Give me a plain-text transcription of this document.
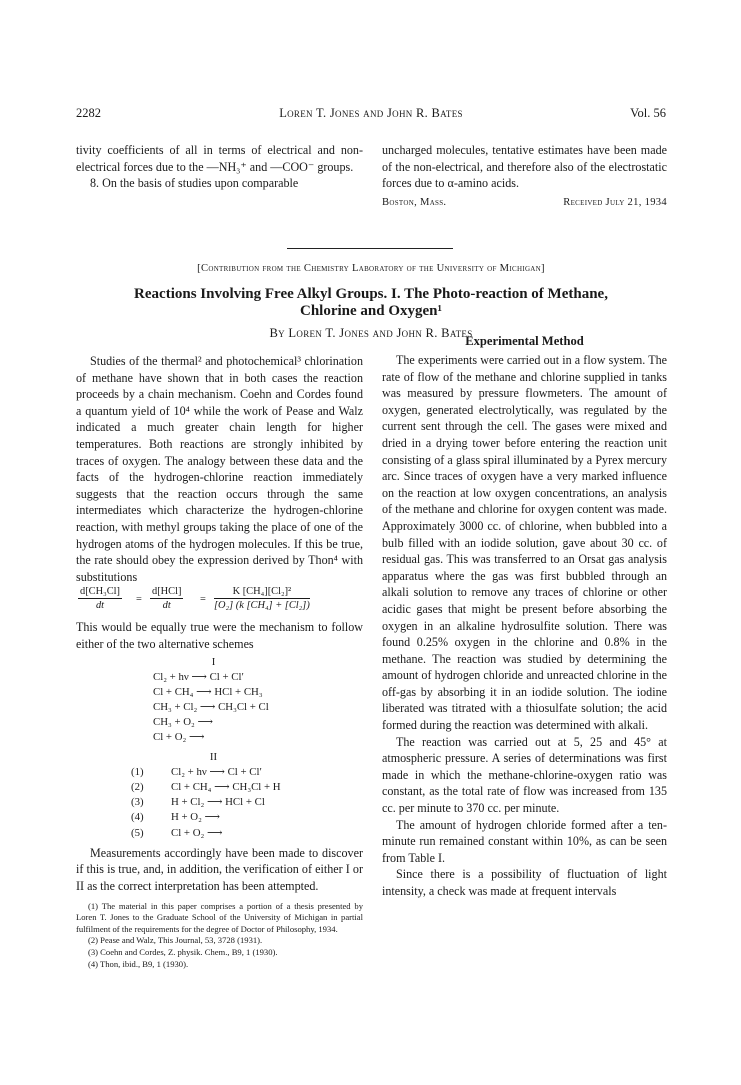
2282	Loren T. Jones and John R. Bates	Vol. 56

tivity coefficients of all in terms of electrical and non-electrical forces due to the —NH₃⁺ and —COO⁻ groups.

8. On the basis of studies upon comparable

uncharged molecules, tentative estimates have been made of the non-electrical, and therefore also of the electrostatic forces due to α-amino acids.

Boston, Mass.	Received July 21, 1934
[Contribution from the Chemistry Laboratory of the University of Michigan]
Reactions Involving Free Alkyl Groups. I. The Photo-reaction of Methane,
Chlorine and Oxygen¹
By Loren T. Jones and John R. Bates

Studies of the thermal² and photochemical³ chlorination of methane have shown that in both cases the reaction proceeds by a chain mechanism. Coehn and Cordes found a quantum yield of 10⁴ while the work of Pease and Walz indicated a much greater chain length for higher temperatures. Both reactions are strongly inhibited by traces of oxygen. The analogy between these data and the facts of the hydrogen-chlorine reaction immediately suggests that the reaction occurs through the same intermediates which characterize the hydrogen-chlorine reaction, with methyl groups taking the place of one of the hydrogen atoms of the hydrogen molecules. If this be true, the rate should obey the expression derived by Thon⁴ with substitutions

$\frac{\text{d[CH₃Cl]}}{dt}$ =
d[HCl]
dt
= $\frac{\text{K [CH₄][Cl₂]²}}{\text{[O₂] (k [CH₄] + [Cl₂])}}$

This would be equally true were the mechanism to follow either of the two alternative schemes

I
Cl₂ + hν ⟶ Cl + Cl′
Cl + CH₄ ⟶ HCl + CH₃
CH₃ + Cl₂ ⟶ CH₃Cl + Cl
CH₃ + O₂ ⟶
Cl + O₂ ⟶
II
(1)	Cl₂ + hν ⟶ Cl + Cl′
(2)	Cl + CH₄ ⟶ CH₃Cl + H
(3)	H + Cl₂ ⟶ HCl + Cl
(4)	H + O₂ ⟶
(5)	Cl + O₂ ⟶

Measurements accordingly have been made to discover if this is true, and, in addition, the verification of either I or II as the correct interpretation has been attempted.

(1) The material in this paper comprises a portion of a thesis presented by Loren T. Jones to the Graduate School of the University of Michigan in partial fulfilment of the requirements for the degree of Doctor of Philosophy, 1934.

(2) Pease and Walz, This Journal, 53, 3728 (1931).

(3) Coehn and Cordes, Z. physik. Chem., B9, 1 (1930).

(4) Thon, ibid., B9, 1 (1930).

Experimental Method

The experiments were carried out in a flow system. The rate of flow of the methane and chlorine supplied in tanks was measured by pressure flowmeters. The amount of oxygen, generated electrolytically, was regulated by the current sent through the cell. The gases were mixed and dried in a drying tower before entering the reaction unit consisting of a glass spiral illuminated by a Pyrex mercury arc. Since traces of oxygen have a very marked influence on the reaction at low oxygen concentrations, an analysis of the methane and chlorine for oxygen content was made. Approximately 3000 cc. of chlorine, when bubbled into a bulb filled with an iodide solution, gave about 30 cc. of residual gas. This was transferred to an Orsat gas analysis apparatus where the gas was first bubbled through an alkali solution to remove any traces of chlorine or other acidic gases that might be present before absorbing the oxygen in an alkaline hydrosulfite solution. There was found 0.25% oxygen in the chlorine and 0.8% in the methane. The reaction was studied by determining the amount of hydrogen chloride and unreacted chlorine in the off-gas by absorbing it in an iodide solution. The iodine liberated was titrated with a thiosulfate solution; the acid formed during the reaction was determined with alkali.

The reaction was carried out at 5, 25 and 45° at atmospheric pressure. A series of determinations was first made in which the methane-chlorine-oxygen ratio was constant, as the total rate of flow was increased from 135 cc. per minute to 370 cc. per minute.

The amount of hydrogen chloride formed after a ten-minute run remained constant within 10%, as can be seen from Table I.

Since there is a possibility of fluctuation of light intensity, a check was made at frequent intervals
